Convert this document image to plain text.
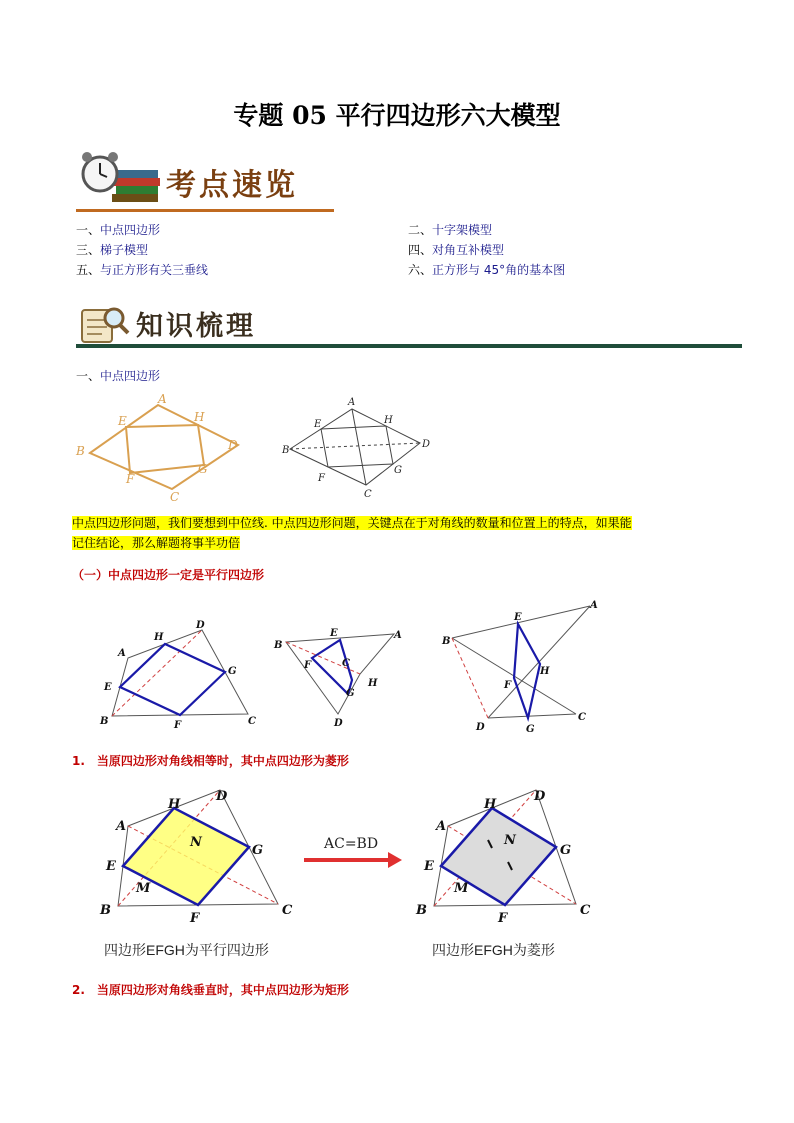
专题 05 平行四边形六大模型
考点速览
一、中点四边形	二、十字架模型
三、梯子模型	四、对角互补模型
五、与正方形有关三垂线	六、正方形与 45°角的基本图
知识梳理
一、中点四边形
A
B
C
D
E
F
G
H
A
B
C
D
E
F
G
H
中点四边形问题，我们要想到中位线. 中点四边形问题，关键点在于对角线的数量和位置上的特点，如果能
记住结论，那么解题将事半功倍
（一）中点四边形一定是平行四边形
A
B	C
D
E
F
G
H
B
A
C
D
E
F
G
H
B
A
E
H
F
D	G
C
1. 当原四边形对角线相等时，其中点四边形为菱形
A
B	C
D
E
F
G
H
N
M
AC=BD
A
B	C
D
E
F
G
H
N
M
四边形EFGH为平行四边形	四边形EFGH为菱形
2. 当原四边形对角线垂直时，其中点四边形为矩形
